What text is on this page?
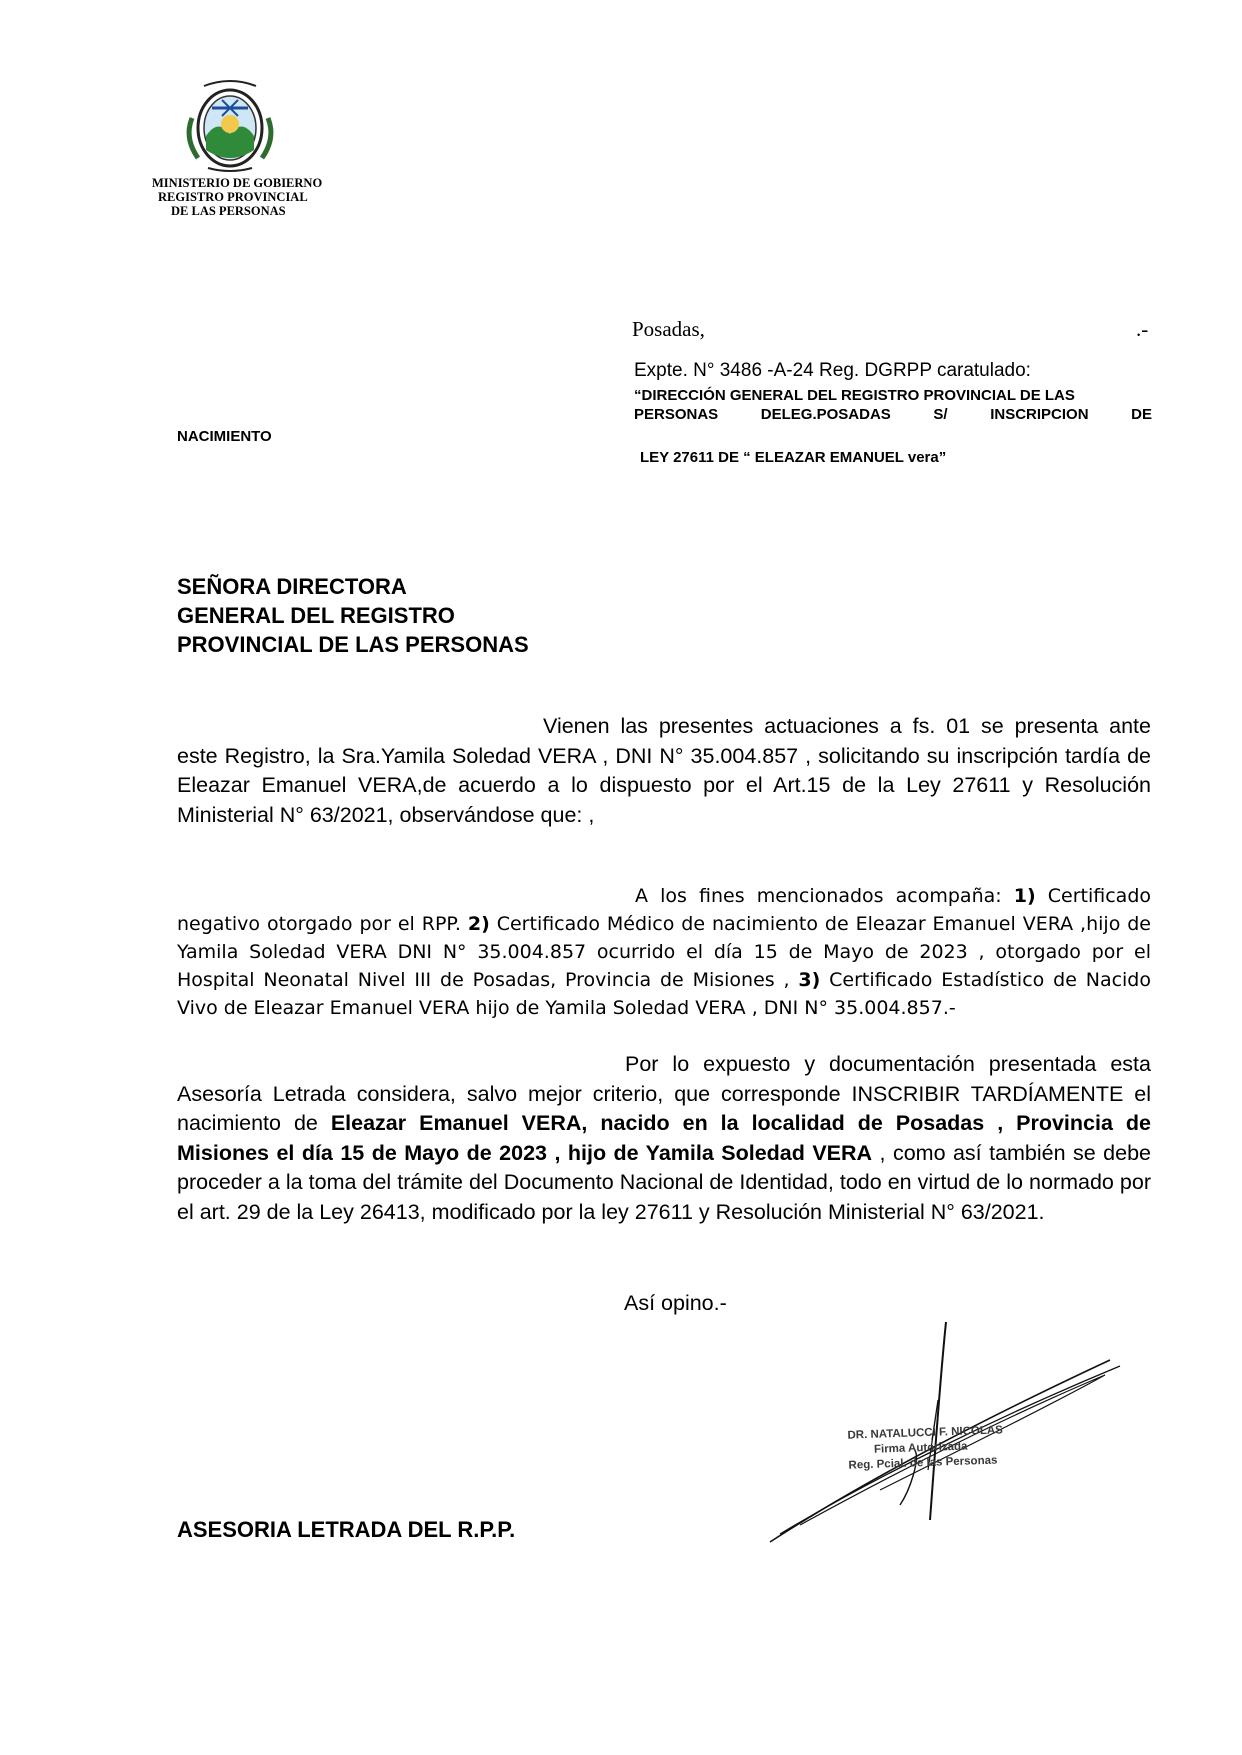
MINISTERIO DE GOBIERNO
REGISTRO PROVINCIAL
DE LAS PERSONAS
Posadas,	.-
Expte. N° 3486 -A-24 Reg. DGRPP caratulado:
“DIRECCIÓN GENERAL DEL REGISTRO PROVINCIAL DE LAS
PERSONAS	DELEG.POSADAS	S/	INSCRIPCION	DE
NACIMIENTO
LEY 27611 DE “ ELEAZAR EMANUEL vera”
SEÑORA DIRECTORA
GENERAL DEL REGISTRO
PROVINCIAL DE LAS PERSONAS
Vienen las presentes actuaciones a fs. 01 se presenta ante este Registro, la Sra.Yamila Soledad VERA , DNI N° 35.004.857 , solicitando su inscripción tardía de Eleazar Emanuel VERA,de acuerdo a lo dispuesto por el Art.15 de la Ley 27611 y Resolución Ministerial N° 63/2021, observándose que: ,
A los fines mencionados acompaña: 1) Certificado negativo otorgado por el RPP. 2) Certificado Médico de nacimiento de Eleazar Emanuel VERA ,hijo de Yamila Soledad VERA DNI N° 35.004.857 ocurrido el día 15 de Mayo de 2023 , otorgado por el Hospital Neonatal Nivel III de Posadas, Provincia de Misiones , 3) Certificado Estadístico de Nacido Vivo de Eleazar Emanuel VERA hijo de Yamila Soledad VERA , DNI N° 35.004.857.-
Por lo expuesto y documentación presentada esta Asesoría Letrada considera, salvo mejor criterio, que corresponde INSCRIBIR TARDÍAMENTE el nacimiento de Eleazar Emanuel VERA, nacido en la localidad de Posadas , Provincia de Misiones el día 15 de Mayo de 2023 , hijo de Yamila Soledad VERA , como así también se debe proceder a la toma del trámite del Documento Nacional de Identidad, todo en virtud de lo normado por el art. 29 de la Ley 26413, modificado por la ley 27611 y Resolución Ministerial N° 63/2021.
Así opino.-
DR. NATALUCCI F. NICOLAS
Firma Autorizada
Reg. Pcial. de las Personas
ASESORIA LETRADA DEL R.P.P.
